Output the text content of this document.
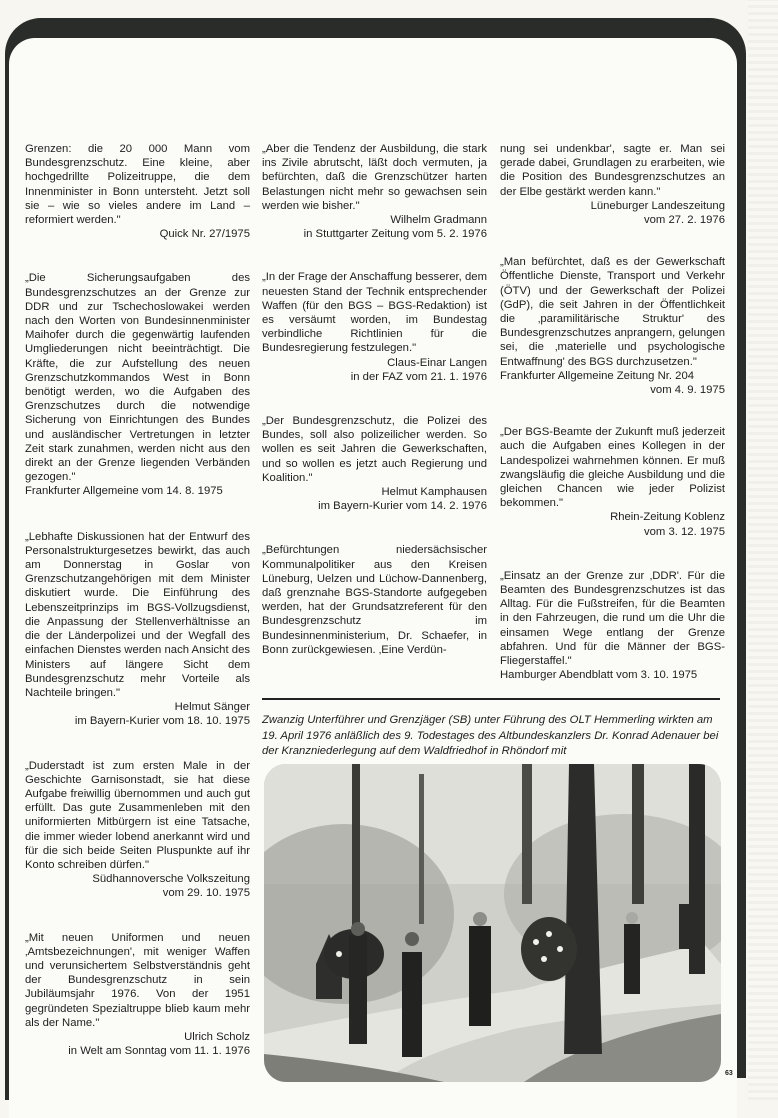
Grenzen: die 20 000 Mann vom Bundesgrenzschutz. Eine kleine, aber hochgedrillte Polizeitruppe, die dem Innenminister in Bonn untersteht. Jetzt soll sie – wie so vieles andere im Land – reformiert werden."

Quick Nr. 27/1975

„Die Sicherungsaufgaben des Bundesgrenzschutzes an der Grenze zur DDR und zur Tschechoslowakei werden nach den Worten von Bundesinnenminister Maihofer durch die gegenwärtig laufenden Umgliederungen nicht beeinträchtigt. Die Kräfte, die zur Aufstellung des neuen Grenzschutzkommandos West in Bonn benötigt werden, wo die Aufgaben des Grenzschutzes durch die notwendige Sicherung von Einrichtungen des Bundes und ausländischer Vertretungen in letzter Zeit stark zunahmen, werden nicht aus den direkt an der Grenze liegenden Verbänden gezogen."

Frankfurter Allgemeine vom 14. 8. 1975

„Lebhafte Diskussionen hat der Entwurf des Personalstrukturgesetzes bewirkt, das auch am Donnerstag in Goslar von Grenzschutzangehörigen mit dem Minister diskutiert wurde. Die Einführung des Lebenszeitprinzips im BGS-Vollzugsdienst, die Anpassung der Stellenverhältnisse an die der Länderpolizei und der Wegfall des einfachen Dienstes werden nach Ansicht des Ministers auf längere Sicht dem Bundesgrenzschutz mehr Vorteile als Nachteile bringen."

Helmut Sänger

im Bayern-Kurier vom 18. 10. 1975

„Duderstadt ist zum ersten Male in der Geschichte Garnisonstadt, sie hat diese Aufgabe freiwillig übernommen und auch gut erfüllt. Das gute Zusammenleben mit den uniformierten Mitbürgern ist eine Tatsache, die immer wieder lobend anerkannt wird und für die sich beide Seiten Pluspunkte auf ihr Konto schreiben dürfen."

Südhannoversche Volkszeitung

vom 29. 10. 1975

„Mit neuen Uniformen und neuen ‚Amtsbezeichnungen', mit weniger Waffen und verunsichertem Selbstverständnis geht der Bundesgrenzschutz in sein Jubiläumsjahr 1976. Von der 1951 gegründeten Spezialtruppe blieb kaum mehr als der Name."

Ulrich Scholz

in Welt am Sonntag vom 11. 1. 1976

„Aber die Tendenz der Ausbildung, die stark ins Zivile abrutscht, läßt doch vermuten, ja befürchten, daß die Grenzschützer harten Belastungen nicht mehr so gewachsen sein werden wie bisher."

Wilhelm Gradmann

in Stuttgarter Zeitung vom 5. 2. 1976

„In der Frage der Anschaffung besserer, dem neuesten Stand der Technik entsprechender Waffen (für den BGS – BGS-Redaktion) ist es versäumt worden, im Bundestag verbindliche Richtlinien für die Bundesregierung festzulegen."

Claus-Einar Langen

in der FAZ vom 21. 1. 1976

„Der Bundesgrenzschutz, die Polizei des Bundes, soll also polizeilicher werden. So wollen es seit Jahren die Gewerkschaften, und so wollen es jetzt auch Regierung und Koalition."

Helmut Kamphausen

im Bayern-Kurier vom 14. 2. 1976

„Befürchtungen niedersächsischer Kommunalpolitiker aus den Kreisen Lüneburg, Uelzen und Lüchow-Dannenberg, daß grenznahe BGS-Standorte aufgegeben werden, hat der Grundsatzreferent für den Bundesgrenzschutz im Bundesinnenministerium, Dr. Schaefer, in Bonn zurückgewiesen. ‚Eine Verdün-

nung sei undenkbar', sagte er. Man sei gerade dabei, Grundlagen zu erarbeiten, wie die Position des Bundesgrenzschutzes an der Elbe gestärkt werden kann."

Lüneburger Landeszeitung

vom 27. 2. 1976

„Man befürchtet, daß es der Gewerkschaft Öffentliche Dienste, Transport und Verkehr (ÖTV) und der Gewerkschaft der Polizei (GdP), die seit Jahren in der Öffentlichkeit die ‚paramilitärische Struktur' des Bundesgrenzschutzes anprangern, gelungen sei, die ‚materielle und psychologische Entwaffnung' des BGS durchzusetzen."

Frankfurter Allgemeine Zeitung Nr. 204

vom 4. 9. 1975

„Der BGS-Beamte der Zukunft muß jederzeit auch die Aufgaben eines Kollegen in der Landespolizei wahrnehmen können. Er muß zwangsläufig die gleiche Ausbildung und die gleichen Chancen wie jeder Polizist bekommen."

Rhein-Zeitung Koblenz

vom 3. 12. 1975

„Einsatz an der Grenze zur ‚DDR'. Für die Beamten des Bundesgrenzschutzes ist das Alltag. Für die Fußstreifen, für die Beamten in den Fahrzeugen, die rund um die Uhr die einsamen Wege entlang der Grenze abfahren. Und für die Männer der BGS-Fliegerstaffel."

Hamburger Abendblatt vom 3. 10. 1975

Zwanzig Unterführer und Grenzjäger (SB) unter Führung des OLT Hemmerling wirkten am 19. April 1976 anläßlich des 9. Todestages des Altbundeskanzlers Dr. Konrad Adenauer bei der Kranzniederlegung auf dem Waldfriedhof in Rhöndorf mit
63
